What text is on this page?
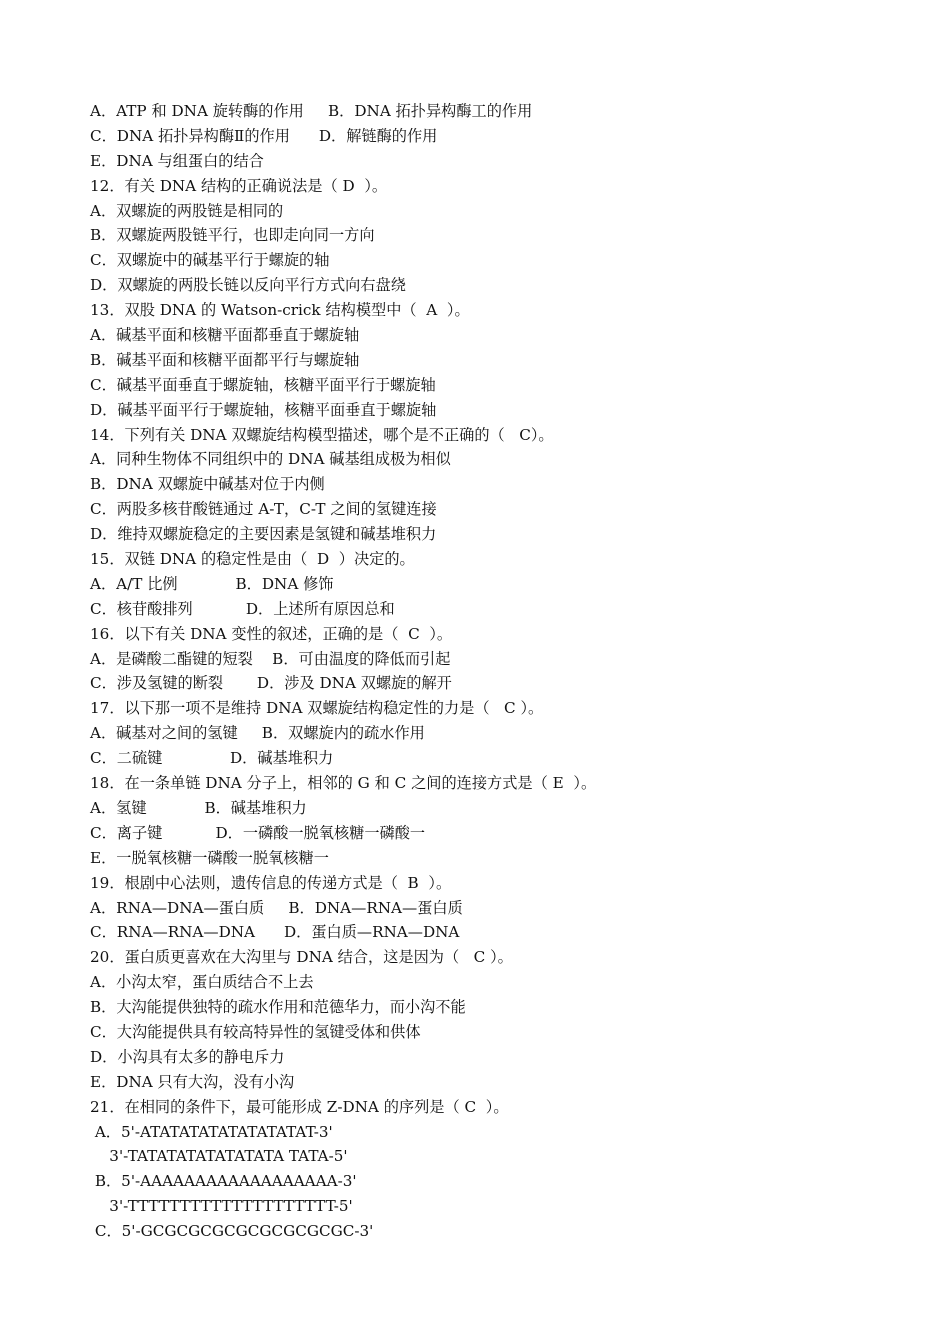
A．ATP 和 DNA 旋转酶的作用     B．DNA 拓扑异构酶工的作用
C．DNA 拓扑异构酶Ⅱ的作用      D．解链酶的作用
E．DNA 与组蛋白的结合
12．有关 DNA 结构的正确说法是（ D  ）。
A．双螺旋的两股链是相同的
B．双螺旋两股链平行，也即走向同一方向
C．双螺旋中的碱基平行于螺旋的轴
D．双螺旋的两股长链以反向平行方式向右盘绕
13．双股 DNA 的 Watson-crick 结构模型中（  A  ）。
A．碱基平面和核糖平面都垂直于螺旋轴
B．碱基平面和核糖平面都平行与螺旋轴
C．碱基平面垂直于螺旋轴，核糖平面平行于螺旋轴
D．碱基平面平行于螺旋轴，核糖平面垂直于螺旋轴
14．下列有关 DNA 双螺旋结构模型描述，哪个是不正确的（   C）。
A．同种生物体不同组织中的 DNA 碱基组成极为相似
B．DNA 双螺旋中碱基对位于内侧
C．两股多核苷酸链通过 A-T，C-T 之间的氢键连接
D．维持双螺旋稳定的主要因素是氢键和碱基堆积力
15．双链 DNA 的稳定性是由（  D  ）决定的。
A．A/T 比例            B．DNA 修饰
C．核苷酸排列           D．上述所有原因总和
16．以下有关 DNA 变性的叙述，正确的是（  C  ）。
A．是磷酸二酯键的短裂    B．可由温度的降低而引起
C．涉及氢键的断裂       D．涉及 DNA 双螺旋的解开
17．以下那一项不是维持 DNA 双螺旋结构稳定性的力是（   C ）。
A．碱基对之间的氢键     B．双螺旋内的疏水作用
C．二硫键              D．碱基堆积力
18．在一条单链 DNA 分子上，相邻的 G 和 C 之间的连接方式是（ E  ）。
A．氢键            B．碱基堆积力
C．离子键           D．一磷酸一脱氧核糖一磷酸一
E．一脱氧核糖一磷酸一脱氧核糖一
19．根剧中心法则，遗传信息的传递方式是（  B  ）。
A．RNA—DNA—蛋白质     B．DNA—RNA—蛋白质
C．RNA—RNA—DNA      D．蛋白质—RNA—DNA
20．蛋白质更喜欢在大沟里与 DNA 结合，这是因为（   C ）。
A．小沟太窄，蛋白质结合不上去
B．大沟能提供独特的疏水作用和范德华力，而小沟不能
C．大沟能提供具有较高特异性的氢键受体和供体
D．小沟具有太多的静电斥力
E．DNA 只有大沟，没有小沟
21．在相同的条件下，最可能形成 Z-DNA 的序列是（ C  ）。
A．5'-ATATATATATATATATAT-3'
3'-TATATATATATATATA TATA-5'
B．5'-AAAAAAAAAAAAAAAAAA-3'
3'-TTTTTTTTTTTTTTTTTTTT-5'
C．5'-GCGCGCGCGCGCGCGCGC-3'
